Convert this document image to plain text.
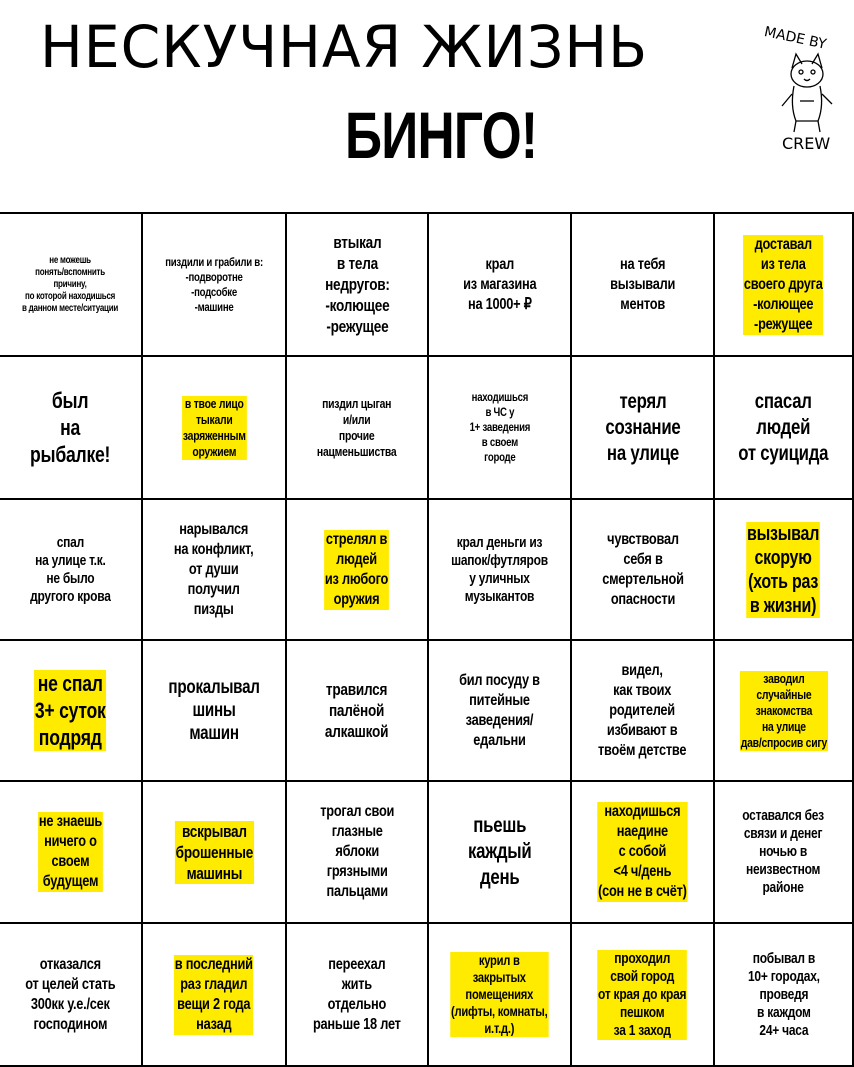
НЕСКУЧНАЯ ЖИЗНЬ
БИНГО!
MADE BY
CREW
не можешь
понять/вспомнить
причину,
по которой находишься
в данном месте/ситуации
пиздили и грабили в:
-подворотне
-подсобке
-машине
втыкал
в тела
недругов:
-колющее
-режущее
крал
из магазина
на 1000+ ₽
на тебя
вызывали
ментов
доставал
из тела
своего друга
-колющее
-режущее
был
на
рыбалке!
в твое лицо
тыкали
заряженным
оружием
пиздил цыган
и/или
прочие
нацменьшиства
находишься
в ЧС у
1+ заведения
в своем
городе
терял
сознание
на улице
спасал
людей
от суицида
спал
на улице т.к.
не было
другого крова
нарывался
на конфликт,
от души
получил
пизды
стрелял в
людей
из любого
оружия
крал деньги из
шапок/футляров
у уличных
музыкантов
чувствовал
себя в
смертельной
опасности
вызывал
скорую
(хоть раз
в жизни)
не спал
3+ суток
подряд
прокалывал
шины
машин
травился
палёной
алкашкой
бил посуду в
питейные
заведения/
едальни
видел,
как твоих
родителей
избивают в
твоём детстве
заводил
случайные
знакомства
на улице
дав/спросив сигу
не знаешь
ничего о
своем
будущем
вскрывал
брошенные
машины
трогал свои
глазные
яблоки
грязными
пальцами
пьешь
каждый
день
находишься
наедине
с собой
<4 ч/день
(сон не в счёт)
оставался без
связи и денег
ночью в
неизвестном
районе
отказался
от целей стать
300кк у.е./сек
господином
в последний
раз гладил
вещи 2 года
назад
переехал
жить
отдельно
раньше 18 лет
курил в
закрытых
помещениях
(лифты, комнаты,
и.т.д.)
проходил
свой город
от края до края
пешком
за 1 заход
побывал в
10+ городах,
проведя
в каждом
24+ часа
